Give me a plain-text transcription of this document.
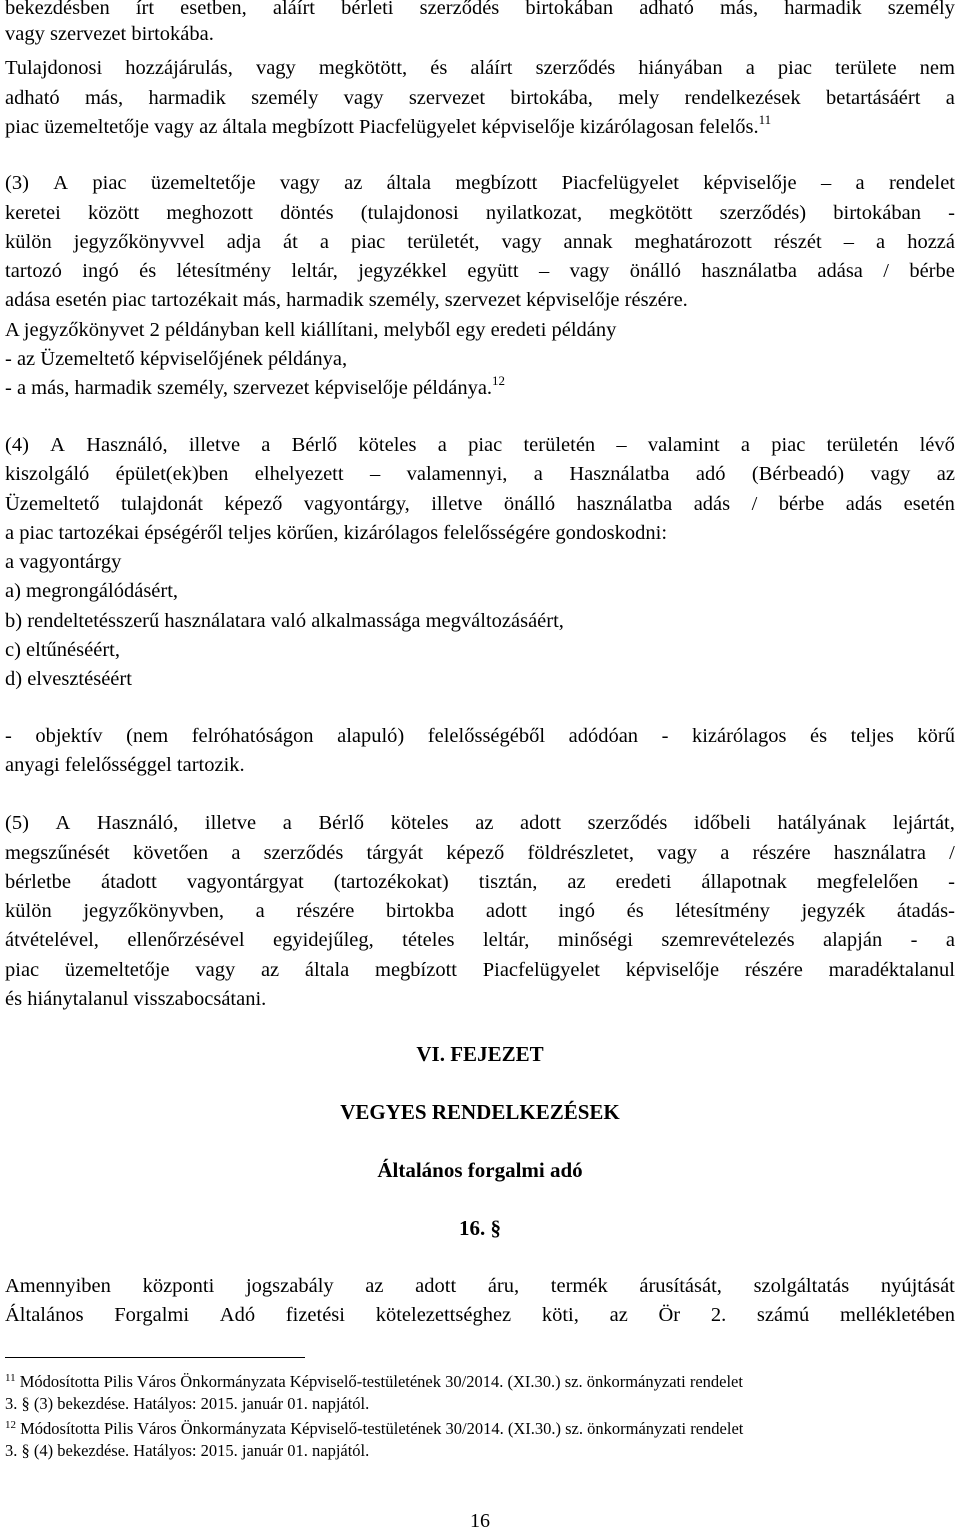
bekezdésben írt esetben, aláírt bérleti szerződés birtokában adható más, harmadik személy
vagy szervezet birtokába.
Tulajdonosi hozzájárulás, vagy megkötött, és aláírt szerződés hiányában a piac területe nem
adható más, harmadik személy vagy szervezet birtokába, mely rendelkezések betartásáért a
piac üzemeltetője vagy az általa megbízott Piacfelügyelet képviselője kizárólagosan felelős.$^{11}$
(3) A piac üzemeltetője vagy az általa megbízott Piacfelügyelet képviselője – a rendelet
keretei között meghozott döntés (tulajdonosi nyilatkozat, megkötött szerződés) birtokában -
külön jegyzőkönyvvel adja át a piac területét, vagy annak meghatározott részét – a hozzá
tartozó ingó és létesítmény leltár, jegyzékkel együtt – vagy önálló használatba adása / bérbe
adása esetén piac tartozékait más, harmadik személy, szervezet képviselője részére.
A jegyzőkönyvet 2 példányban kell kiállítani, melyből egy eredeti példány
- az Üzemeltető képviselőjének példánya,
- a más, harmadik személy, szervezet képviselője példánya.$^{12}$
(4) A Használó, illetve a Bérlő köteles a piac területén – valamint a piac területén lévő
kiszolgáló épület(ek)ben elhelyezett – valamennyi, a Használatba adó (Bérbeadó) vagy az
Üzemeltető tulajdonát képező vagyontárgy, illetve önálló használatba adás / bérbe adás esetén
a piac tartozékai épségéről teljes körűen, kizárólagos felelősségére gondoskodni:
a vagyontárgy
a) megrongálódásért,
b) rendeltetésszerű használatara való alkalmassága megváltozásáért,
c) eltűnéséért,
d) elvesztéséért
- objektív (nem felróhatóságon alapuló) felelősségéből adódóan - kizárólagos és teljes körű
anyagi felelősséggel tartozik.
(5) A Használó, illetve a Bérlő köteles az adott szerződés időbeli hatályának lejártát,
megszűnését követően a szerződés tárgyát képező földrészletet, vagy a részére használatra /
bérletbe átadott vagyontárgyat (tartozékokat) tisztán, az eredeti állapotnak megfelelően -
külön jegyzőkönyvben, a részére birtokba adott ingó és létesítmény jegyzék átadás-
átvételével, ellenőrzésével egyidejűleg, tételes leltár, minőségi szemrevételezés alapján - a
piac üzemeltetője vagy az általa megbízott Piacfelügyelet képviselője részére maradéktalanul
és hiánytalanul visszabocsátani.
VI. FEJEZET
VEGYES RENDELKEZÉSEK
Általános forgalmi adó
16. §
Amennyiben központi jogszabály az adott áru, termék árusítását, szolgáltatás nyújtását
Általános Forgalmi Adó fizetési kötelezettséghez köti, az Ör 2. számú mellékletében
$^{11}$ Módosította Pilis Város Önkormányzata Képviselő-testületének 30/2014. (XI.30.) sz. önkormányzati rendelet
3. § (3) bekezdése. Hatályos: 2015. január 01. napjától.
$^{12}$ Módosította Pilis Város Önkormányzata Képviselő-testületének 30/2014. (XI.30.) sz. önkormányzati rendelet
3. § (4) bekezdése. Hatályos: 2015. január 01. napjától.
16
